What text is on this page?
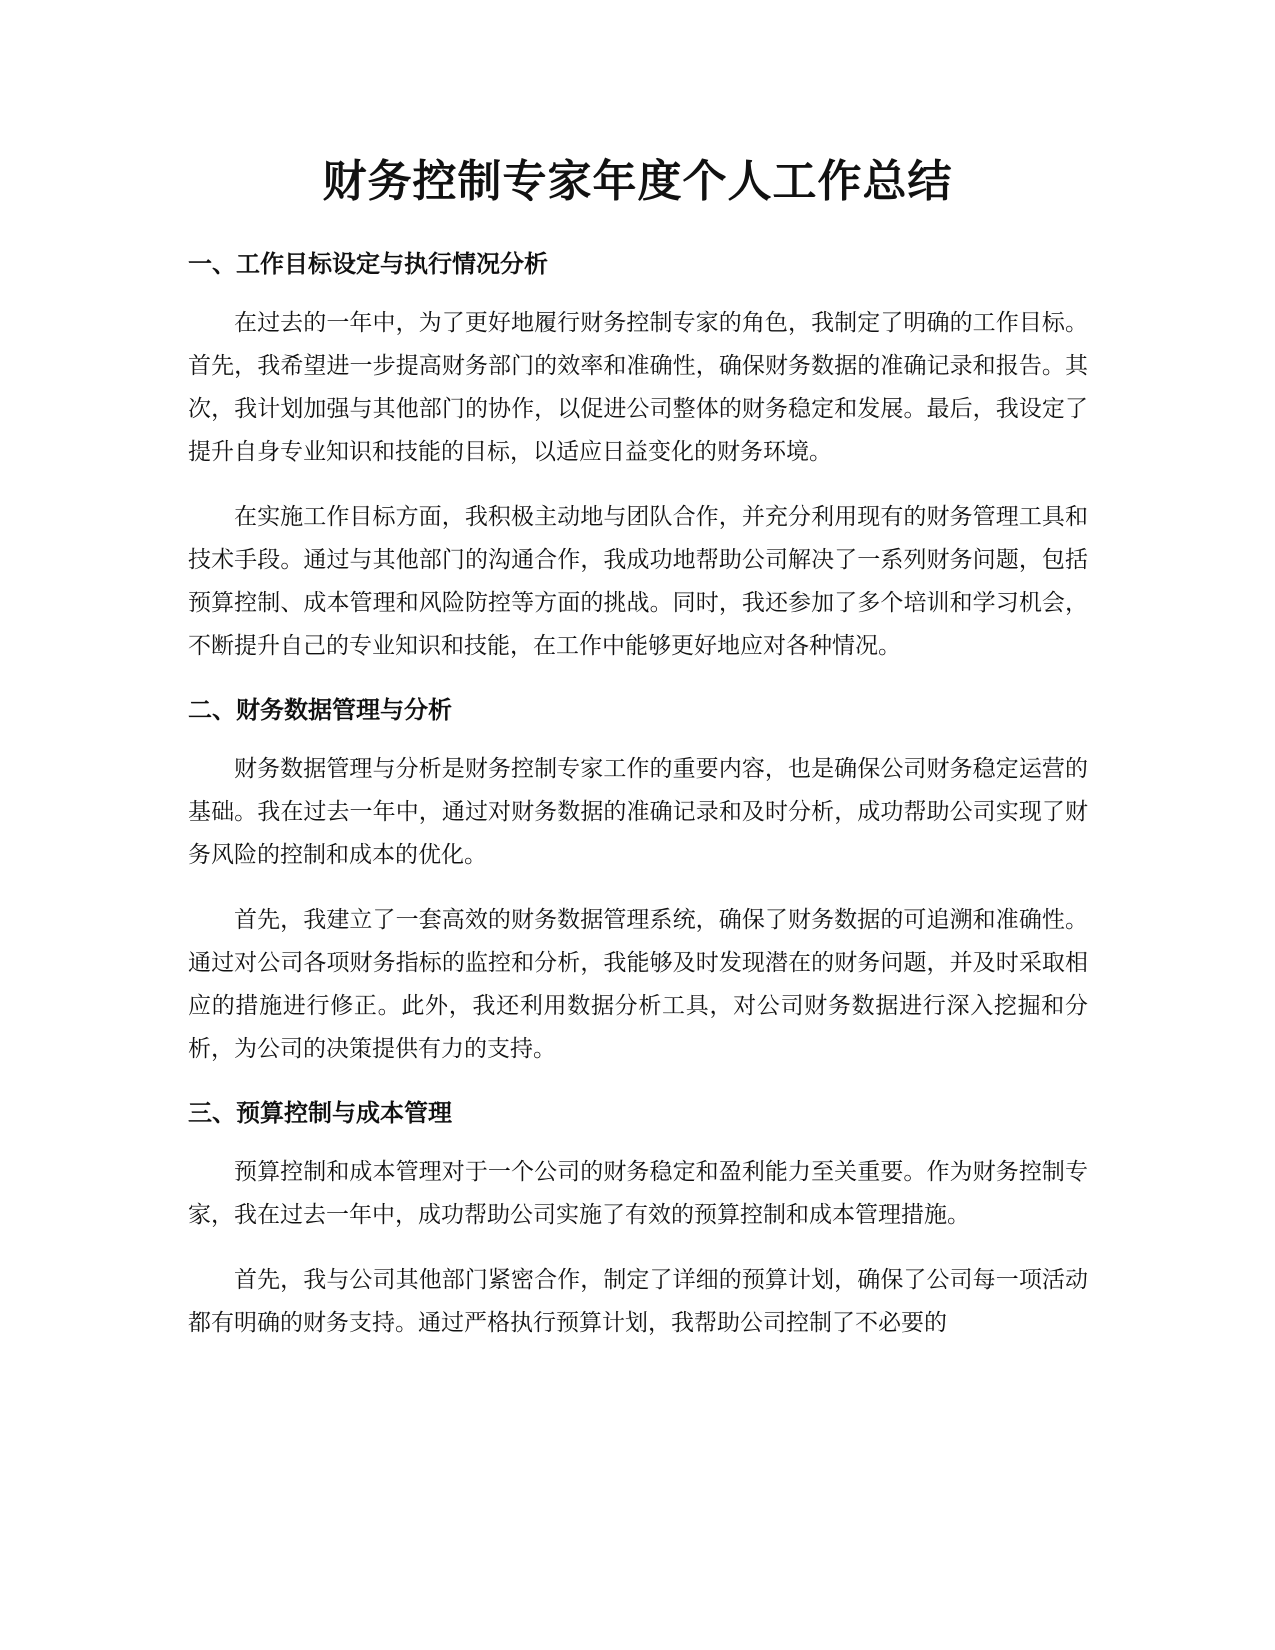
财务控制专家年度个人工作总结
一、工作目标设定与执行情况分析

在过去的一年中，为了更好地履行财务控制专家的角色，我制定了明确的工作目标。首先，我希望进一步提高财务部门的效率和准确性，确保财务数据的准确记录和报告。其次，我计划加强与其他部门的协作，以促进公司整体的财务稳定和发展。最后，我设定了提升自身专业知识和技能的目标，以适应日益变化的财务环境。

在实施工作目标方面，我积极主动地与团队合作，并充分利用现有的财务管理工具和技术手段。通过与其他部门的沟通合作，我成功地帮助公司解决了一系列财务问题，包括预算控制、成本管理和风险防控等方面的挑战。同时，我还参加了多个培训和学习机会，不断提升自己的专业知识和技能，在工作中能够更好地应对各种情况。

二、财务数据管理与分析

财务数据管理与分析是财务控制专家工作的重要内容，也是确保公司财务稳定运营的基础。我在过去一年中，通过对财务数据的准确记录和及时分析，成功帮助公司实现了财务风险的控制和成本的优化。

首先，我建立了一套高效的财务数据管理系统，确保了财务数据的可追溯和准确性。通过对公司各项财务指标的监控和分析，我能够及时发现潜在的财务问题，并及时采取相应的措施进行修正。此外，我还利用数据分析工具，对公司财务数据进行深入挖掘和分析，为公司的决策提供有力的支持。

三、预算控制与成本管理

预算控制和成本管理对于一个公司的财务稳定和盈利能力至关重要。作为财务控制专家，我在过去一年中，成功帮助公司实施了有效的预算控制和成本管理措施。

首先，我与公司其他部门紧密合作，制定了详细的预算计划，确保了公司每一项活动都有明确的财务支持。通过严格执行预算计划，我帮助公司控制了不必要的
